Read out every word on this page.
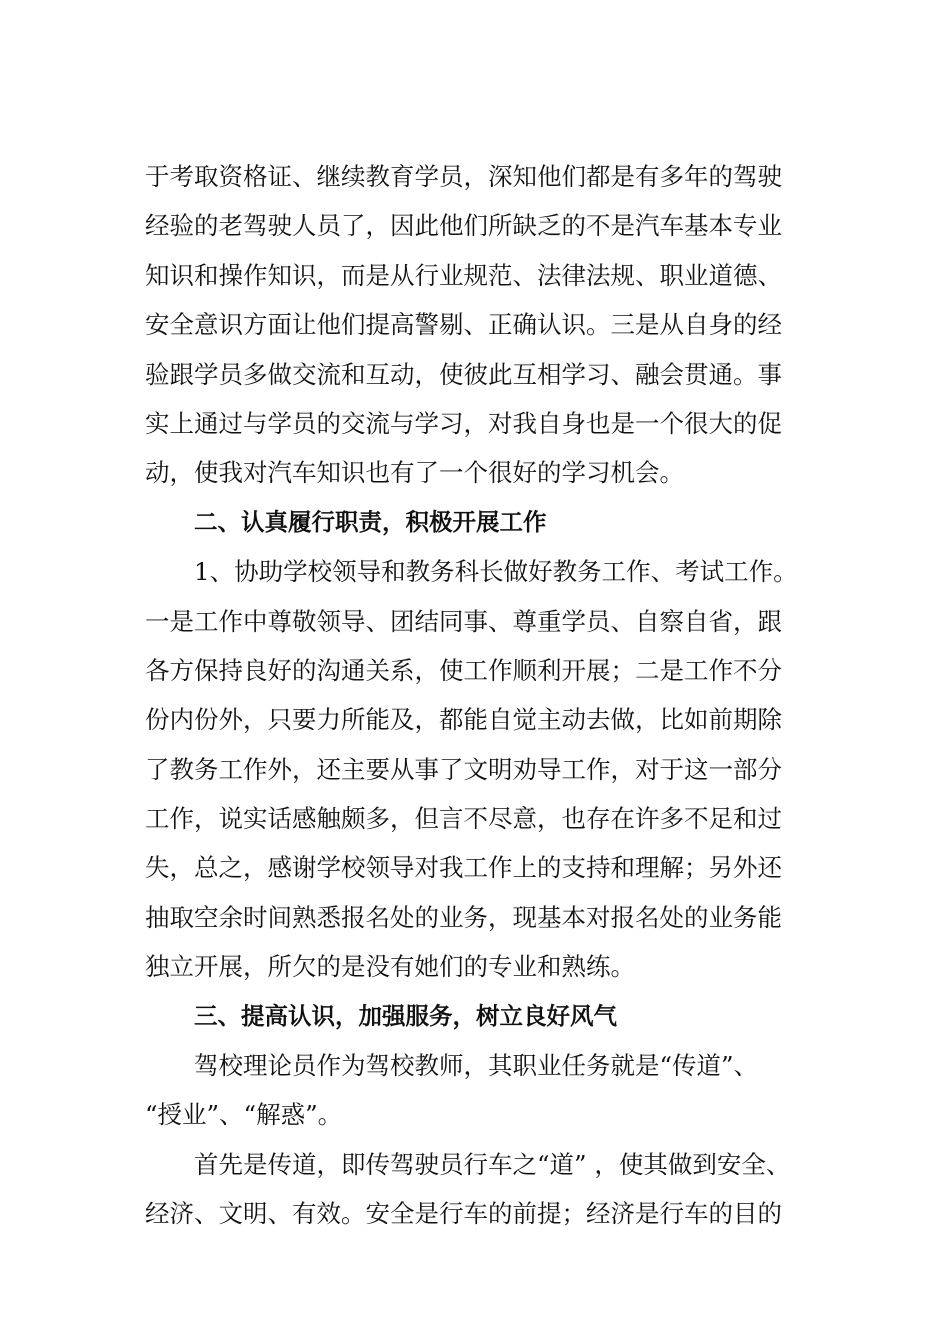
于考取资格证、继续教育学员，深知他们都是有多年的驾驶
经验的老驾驶人员了，因此他们所缺乏的不是汽车基本专业
知识和操作知识，而是从行业规范、法律法规、职业道德、
安全意识方面让他们提高警剔、正确认识。三是从自身的经
验跟学员多做交流和互动，使彼此互相学习、融会贯通。事
实上通过与学员的交流与学习，对我自身也是一个很大的促
动，使我对汽车知识也有了一个很好的学习机会。
二、认真履行职责，积极开展工作
1、协助学校领导和教务科长做好教务工作、考试工作。
一是工作中尊敬领导、团结同事、尊重学员、自察自省，跟
各方保持良好的沟通关系，使工作顺利开展；二是工作不分
份内份外，只要力所能及，都能自觉主动去做，比如前期除
了教务工作外，还主要从事了文明劝导工作，对于这一部分
工作，说实话感触颇多，但言不尽意，也存在许多不足和过
失，总之，感谢学校领导对我工作上的支持和理解；另外还
抽取空余时间熟悉报名处的业务，现基本对报名处的业务能
独立开展，所欠的是没有她们的专业和熟练。
三、提高认识，加强服务，树立良好风气
驾校理论员作为驾校教师，其职业任务就是“传道”、
“授业”、“解惑”。
首先是传道，即传驾驶员行车之“道” ，使其做到安全、
经济、文明、有效。安全是行车的前提；经济是行车的目的
